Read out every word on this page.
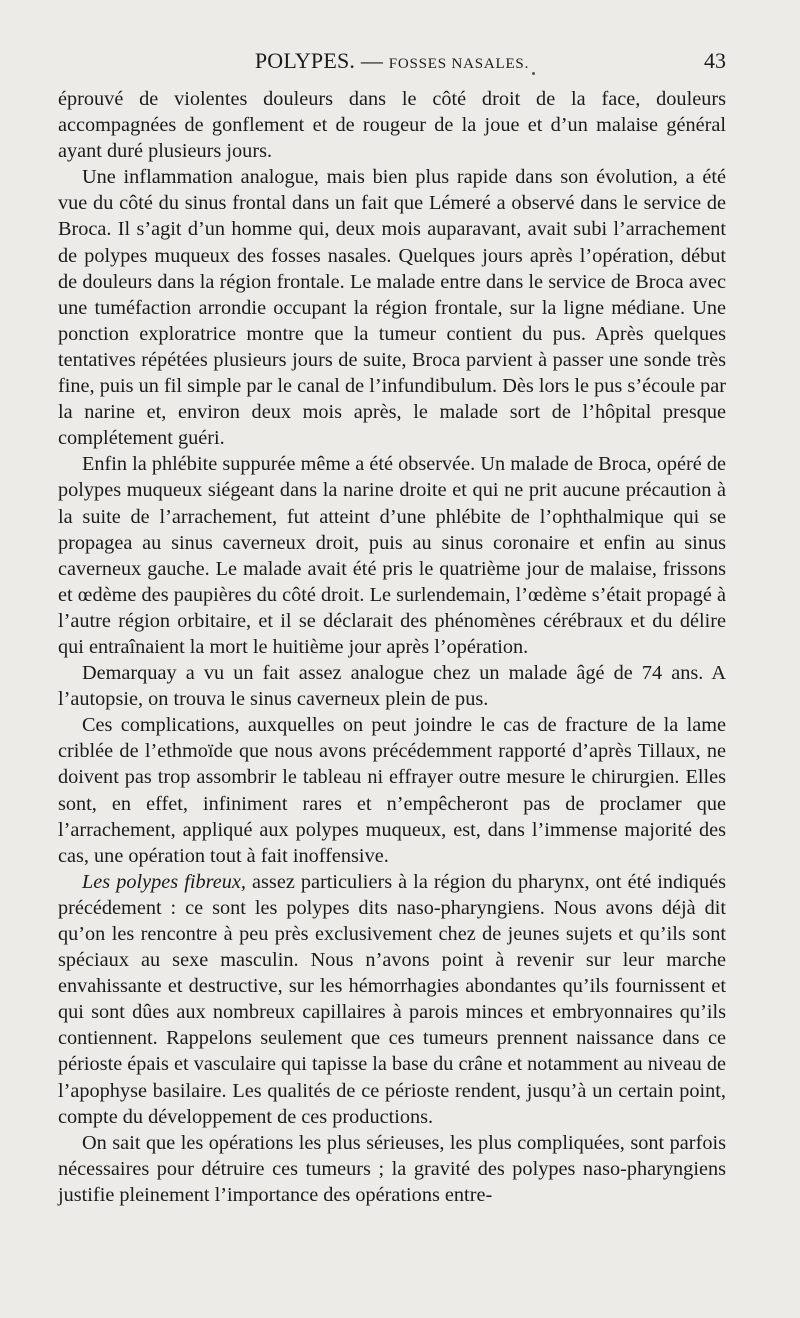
POLYPES. — FOSSES NASALES.	43

éprouvé de violentes douleurs dans le côté droit de la face, douleurs accompagnées de gonflement et de rougeur de la joue et d’un malaise général ayant duré plusieurs jours.

Une inflammation analogue, mais bien plus rapide dans son évolution, a été vue du côté du sinus frontal dans un fait que Lémeré a observé dans le service de Broca. Il s’agit d’un homme qui, deux mois auparavant, avait subi l’arrachement de polypes muqueux des fosses nasales. Quelques jours après l’opération, début de douleurs dans la région frontale. Le malade entre dans le service de Broca avec une tuméfaction arrondie occupant la région frontale, sur la ligne médiane. Une ponction exploratrice montre que la tumeur contient du pus. Après quelques tentatives répétées plusieurs jours de suite, Broca parvient à passer une sonde très fine, puis un fil simple par le canal de l’infundibulum. Dès lors le pus s’écoule par la narine et, environ deux mois après, le malade sort de l’hôpital presque complétement guéri.

Enfin la phlébite suppurée même a été observée. Un malade de Broca, opéré de polypes muqueux siégeant dans la narine droite et qui ne prit aucune précaution à la suite de l’arrachement, fut atteint d’une phlébite de l’ophthalmique qui se propagea au sinus caverneux droit, puis au sinus coronaire et enfin au sinus caverneux gauche. Le malade avait été pris le quatrième jour de malaise, frissons et œdème des paupières du côté droit. Le surlendemain, l’œdème s’était propagé à l’autre région orbitaire, et il se déclarait des phénomènes cérébraux et du délire qui entraînaient la mort le huitième jour après l’opération.

Demarquay a vu un fait assez analogue chez un malade âgé de 74 ans. A l’autopsie, on trouva le sinus caverneux plein de pus.

Ces complications, auxquelles on peut joindre le cas de fracture de la lame criblée de l’ethmoïde que nous avons précédemment rapporté d’après Tillaux, ne doivent pas trop assombrir le tableau ni effrayer outre mesure le chirurgien. Elles sont, en effet, infiniment rares et n’empêcheront pas de proclamer que l’arrachement, appliqué aux polypes muqueux, est, dans l’immense majorité des cas, une opération tout à fait inoffensive.

Les polypes fibreux, assez particuliers à la région du pharynx, ont été indiqués précédement : ce sont les polypes dits naso-pharyngiens. Nous avons déjà dit qu’on les rencontre à peu près exclusivement chez de jeunes sujets et qu’ils sont spéciaux au sexe masculin. Nous n’avons point à revenir sur leur marche envahissante et destructive, sur les hémorrhagies abondantes qu’ils fournissent et qui sont dûes aux nombreux capillaires à parois minces et embryonnaires qu’ils contiennent. Rappelons seulement que ces tumeurs prennent naissance dans ce périoste épais et vasculaire qui tapisse la base du crâne et notamment au niveau de l’apophyse basilaire. Les qualités de ce périoste rendent, jusqu’à un certain point, compte du développement de ces productions.

On sait que les opérations les plus sérieuses, les plus compliquées, sont parfois nécessaires pour détruire ces tumeurs ; la gravité des polypes naso-pharyngiens justifie pleinement l’importance des opérations entre-
